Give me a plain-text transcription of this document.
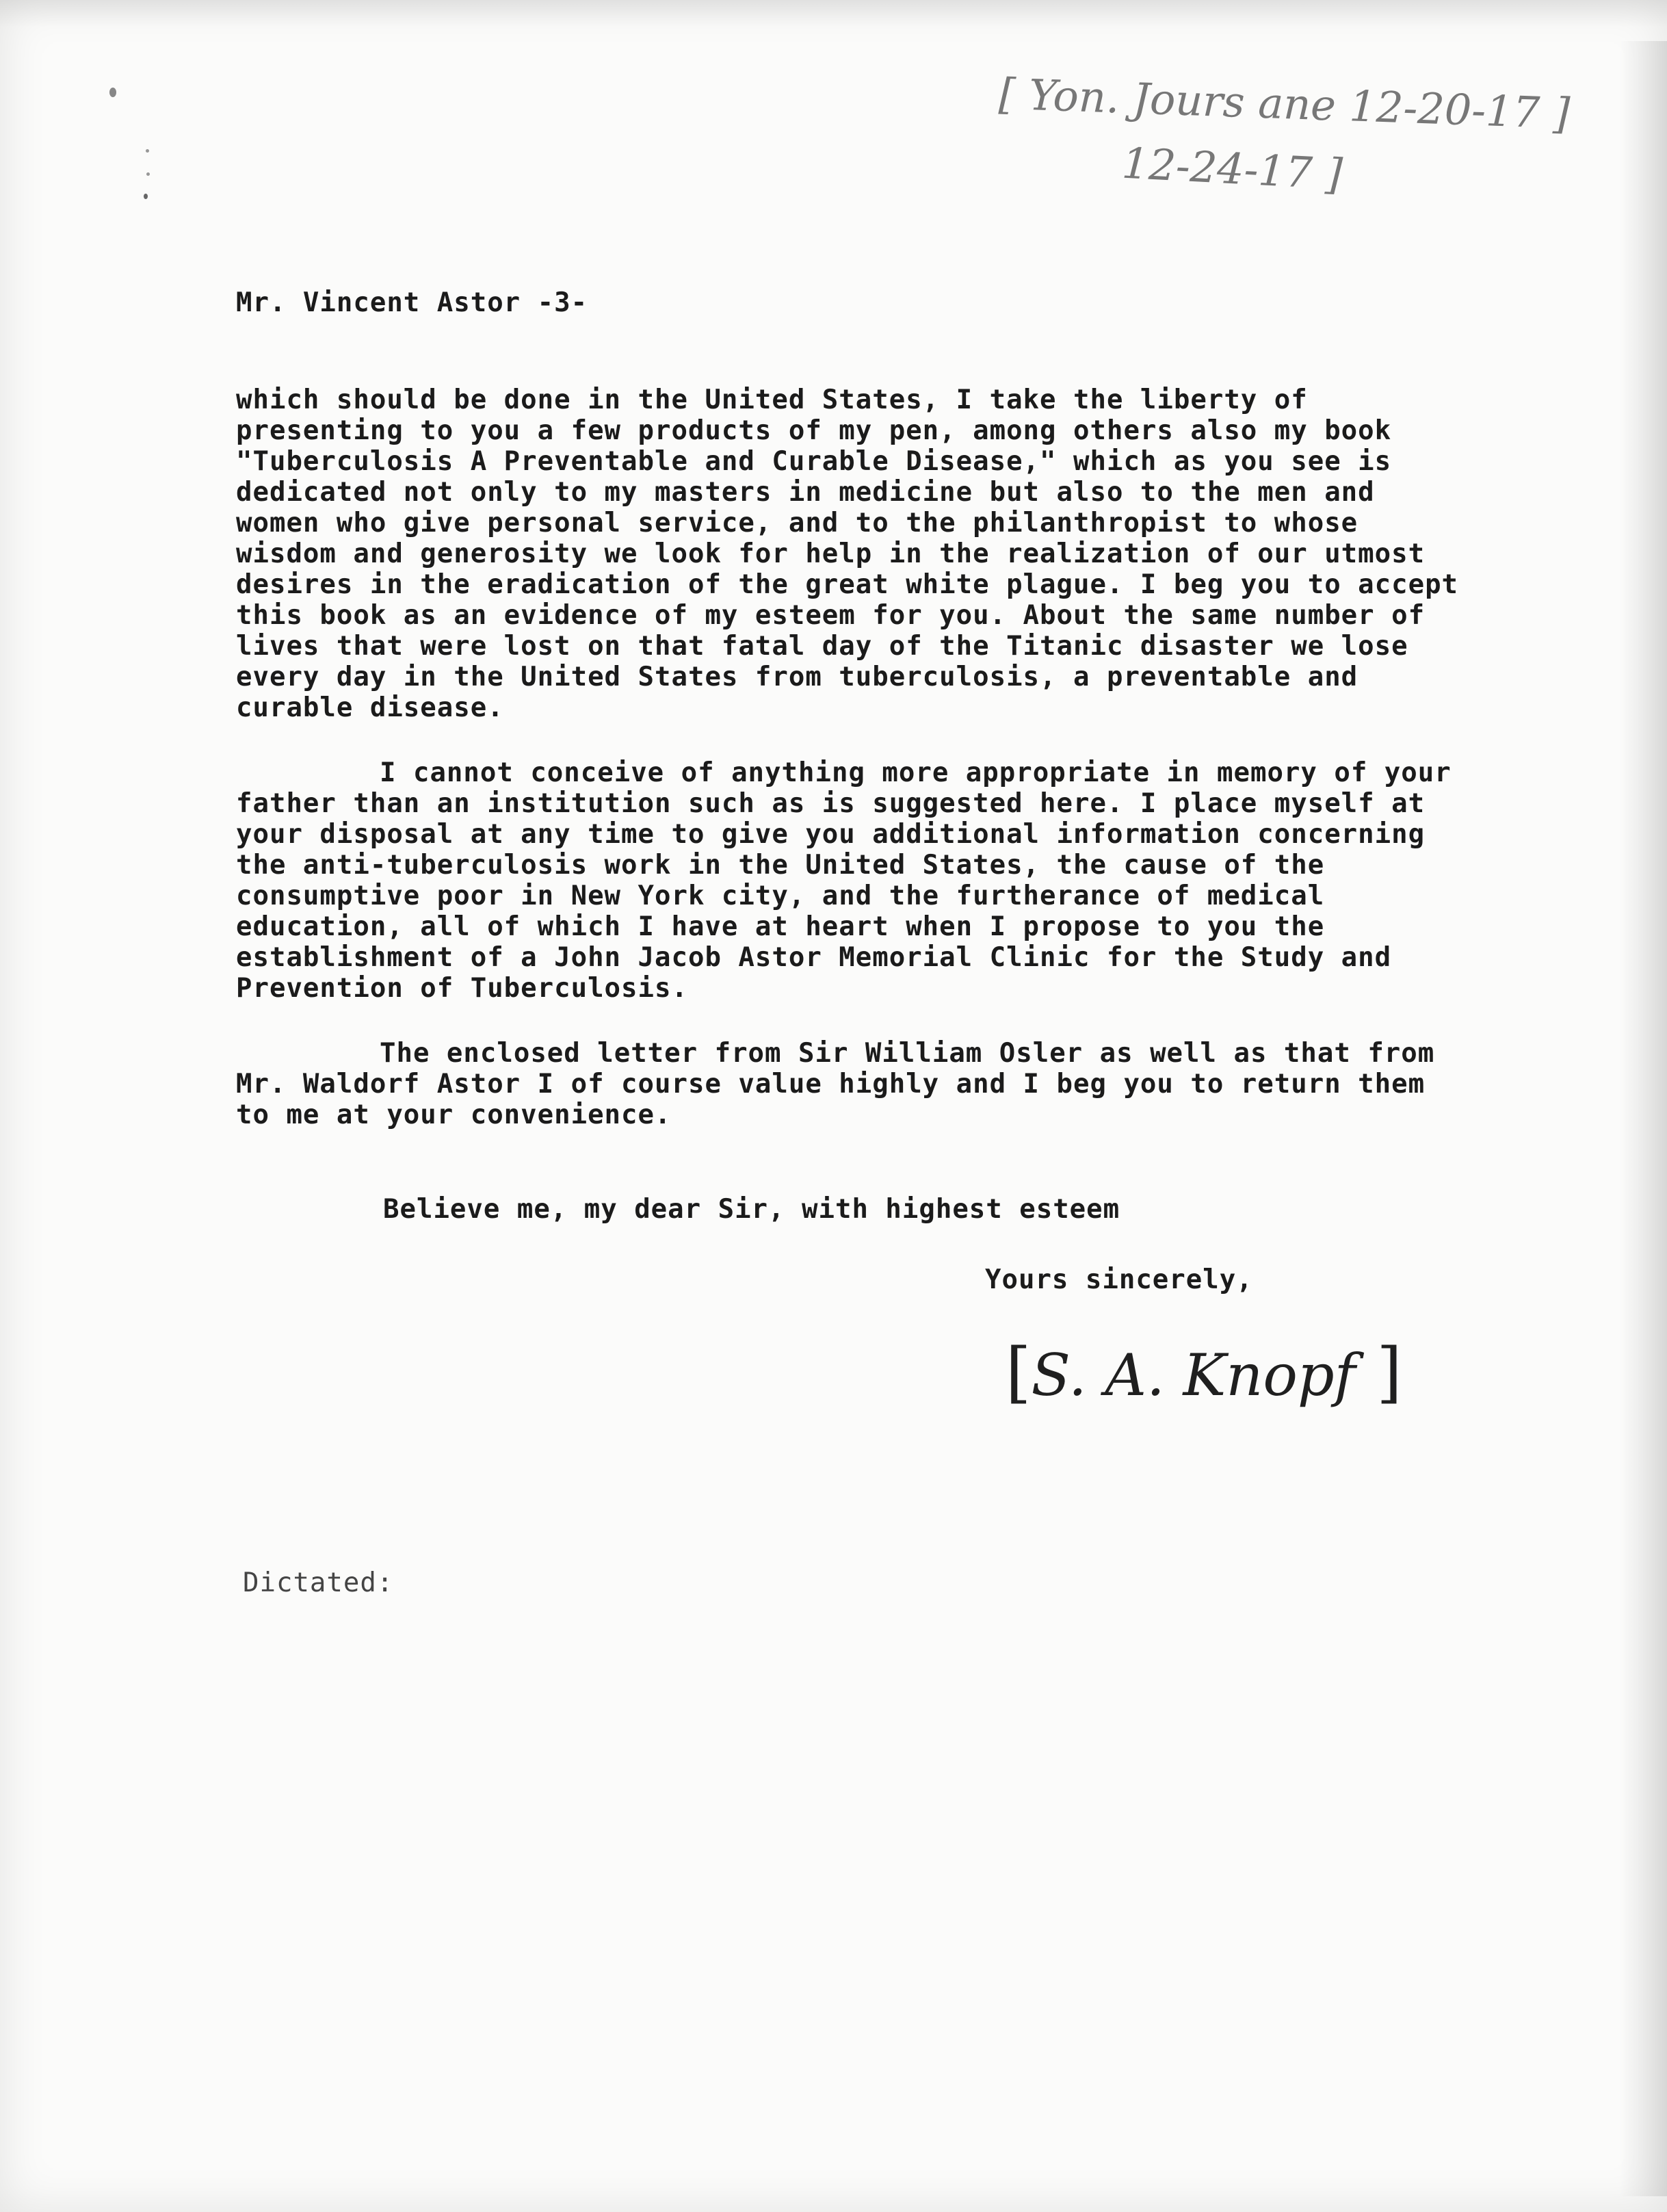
[ Yon. Jours ane 12-20-17 ]
12-24-17 ]
Mr. Vincent Astor -3-

which should be done in the United States, I take the liberty of presenting to you a few products of my pen, among others also my book "Tuberculosis A Preventable and Curable Disease," which as you see is dedicated not only to my masters in medicine but also to the men and women who give personal service, and to the philanthropist to whose wisdom and generosity we look for help in the realization of our utmost desires in the eradication of the great white plague. I beg you to accept this book as an evidence of my esteem for you. About the same number of lives that were lost on that fatal day of the Titanic disaster we lose every day in the United States from tuberculosis, a preventable and curable disease.

I cannot conceive of anything more appropriate in memory of your father than an institution such as is suggested here. I place myself at your disposal at any time to give you additional information concerning the anti-tuberculosis work in the United States, the cause of the consumptive poor in New York city, and the furtherance of medical education, all of which I have at heart when I propose to you the establishment of a John Jacob Astor Memorial Clinic for the Study and Prevention of Tuberculosis.

The enclosed letter from Sir William Osler as well as that from Mr. Waldorf Astor I of course value highly and I beg you to return them to me at your convenience.

Believe me, my dear Sir, with highest esteem
Yours sincerely,
[S. A. Knopf ]
Dictated:
